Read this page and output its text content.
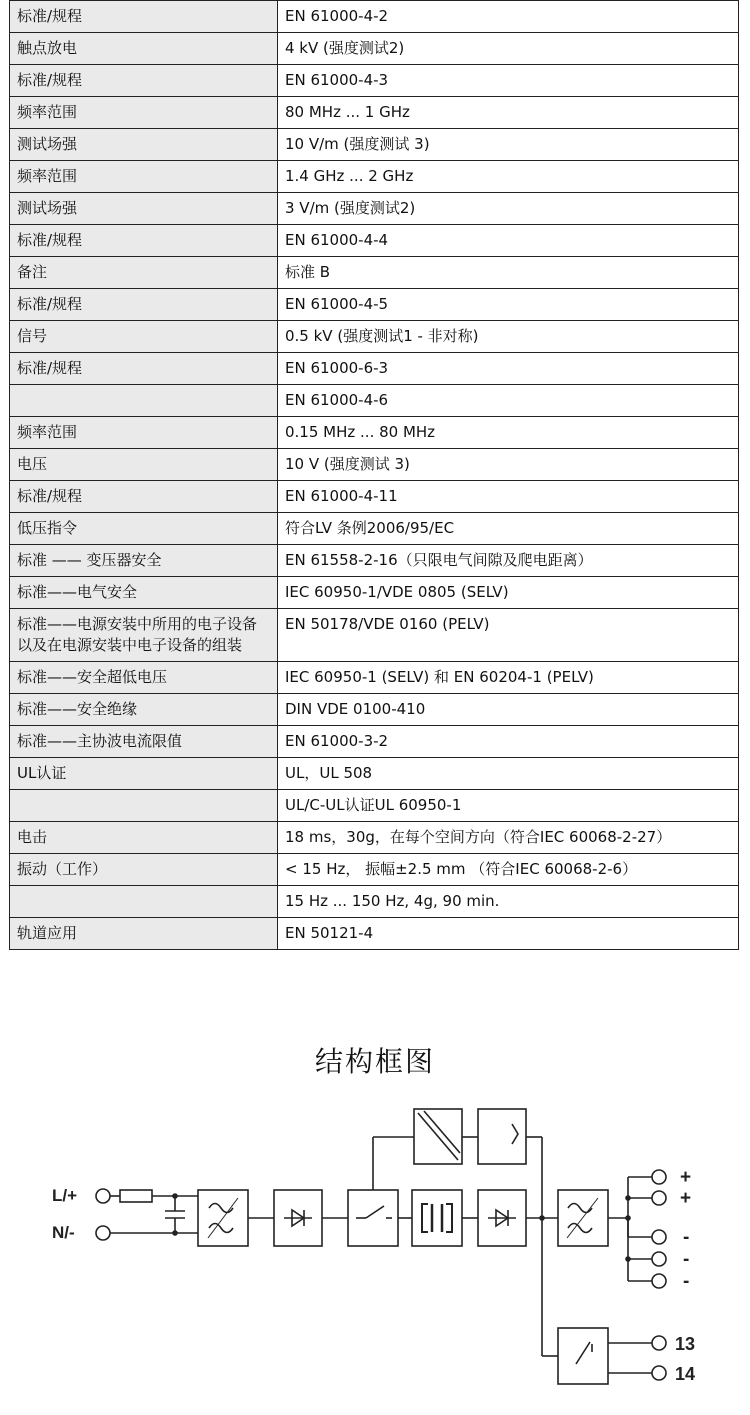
标准/规程	EN 61000-4-2
触点放电	4 kV (强度测试2)
标准/规程	EN 61000-4-3
频率范围	80 MHz ... 1 GHz
测试场强	10 V/m (强度测试 3)
频率范围	1.4 GHz ... 2 GHz
测试场强	3 V/m (强度测试2)
标准/规程	EN 61000-4-4
备注	标准 B
标准/规程	EN 61000-4-5
信号	0.5 kV (强度测试1 - 非对称)
标准/规程	EN 61000-6-3
	EN 61000-4-6
频率范围	0.15 MHz ... 80 MHz
电压	10 V (强度测试 3)
标准/规程	EN 61000-4-11
低压指令	符合LV 条例2006/95/EC
标准 —— 变压器安全	EN 61558-2-16（只限电气间隙及爬电距离）
标准——电气安全	IEC 60950-1/VDE 0805 (SELV)
标准——电源安装中所用的电子设备以及在电源安装中电子设备的组装	EN 50178/VDE 0160 (PELV)
标准——安全超低电压	IEC 60950-1 (SELV) 和 EN 60204-1 (PELV)
标准——安全绝缘	DIN VDE 0100-410
标准——主协波电流限值	EN 61000-3-2
UL认证	UL，UL 508
	UL/C-UL认证UL 60950-1
电击	18 ms，30g，在每个空间方向（符合IEC 60068-2-27）
振动（工作）	< 15 Hz， 振幅±2.5 mm （符合IEC 60068-2-6）
	15 Hz ... 150 Hz, 4g, 90 min.
轨道应用	EN 50121-4
结构框图
L/+
N/-
+
+
-
-
-
13
14
